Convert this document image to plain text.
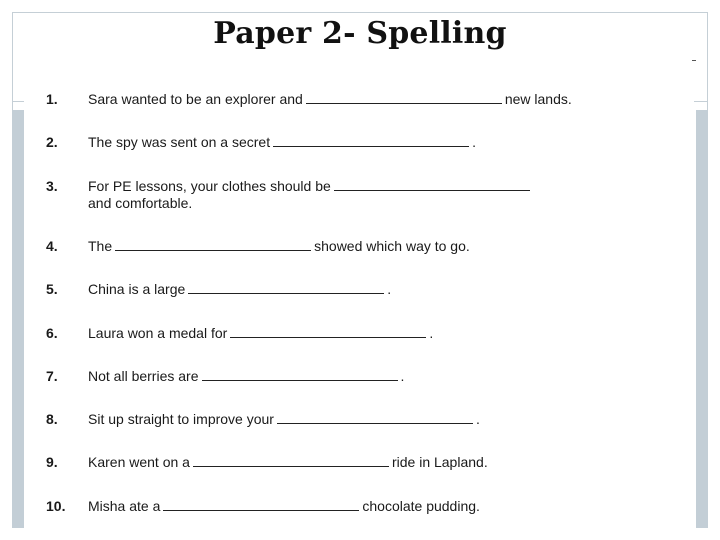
Paper 2- Spelling
1.	Sara wanted to be an explorer and	new lands.
2.	The spy was sent on a secret	.
3.	For PE lessons, your clothes should be
and comfortable.
4.	The	showed which way to go.
5.	China is a large	.
6.	Laura won a medal for	.
7.	Not all berries are	.
8.	Sit up straight to improve your	.
9.	Karen went on a	ride in Lapland.
10.	Misha ate a	chocolate pudding.
